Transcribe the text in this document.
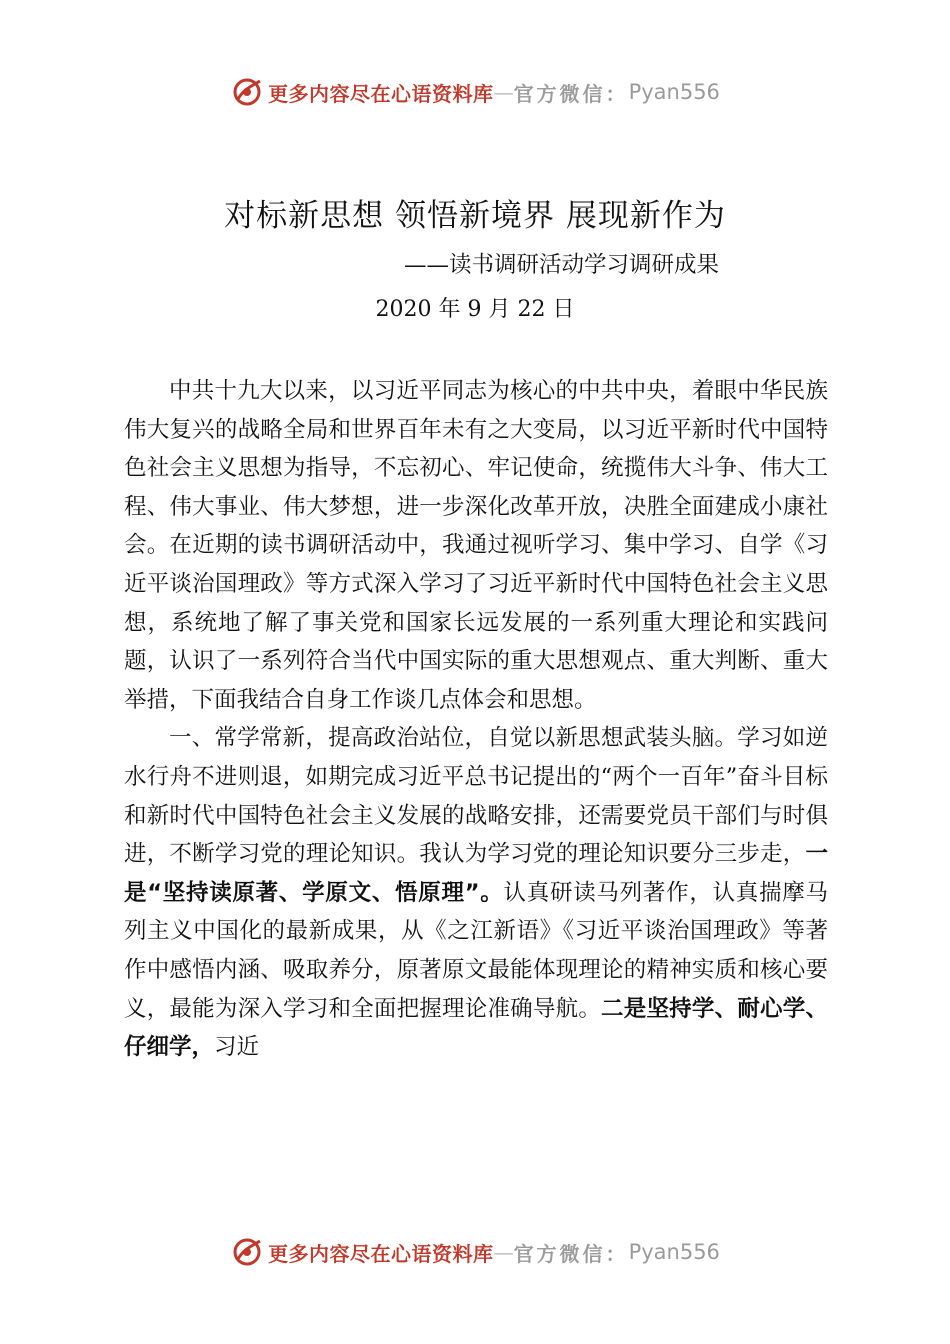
更多内容尽在心语资料库 — 官方微信： Pyan556
对标新思想 领悟新境界 展现新作为
——读书调研活动学习调研成果
2020 年 9 月 22 日

中共十九大以来，以习近平同志为核心的中共中央，着眼中华民族伟大复兴的战略全局和世界百年未有之大变局，以习近平新时代中国特色社会主义思想为指导，不忘初心、牢记使命，统揽伟大斗争、伟大工程、伟大事业、伟大梦想，进一步深化改革开放，决胜全面建成小康社会。在近期的读书调研活动中，我通过视听学习、集中学习、自学《习近平谈治国理政》等方式深入学习了习近平新时代中国特色社会主义思想，系统地了解了事关党和国家长远发展的一系列重大理论和实践问题，认识了一系列符合当代中国实际的重大思想观点、重大判断、重大举措，下面我结合自身工作谈几点体会和思想。

一、常学常新，提高政治站位，自觉以新思想武装头脑。学习如逆水行舟不进则退，如期完成习近平总书记提出的“两个一百年”奋斗目标和新时代中国特色社会主义发展的战略安排，还需要党员干部们与时俱进，不断学习党的理论知识。我认为学习党的理论知识要分三步走，一是“坚持读原著、学原文、悟原理”。认真研读马列著作，认真揣摩马列主义中国化的最新成果，从《之江新语》《习近平谈治国理政》等著作中感悟内涵、吸取养分，原著原文最能体现理论的精神实质和核心要义，最能为深入学习和全面把握理论准确导航。二是坚持学、耐心学、仔细学，习近

更多内容尽在心语资料库 — 官方微信： Pyan556
